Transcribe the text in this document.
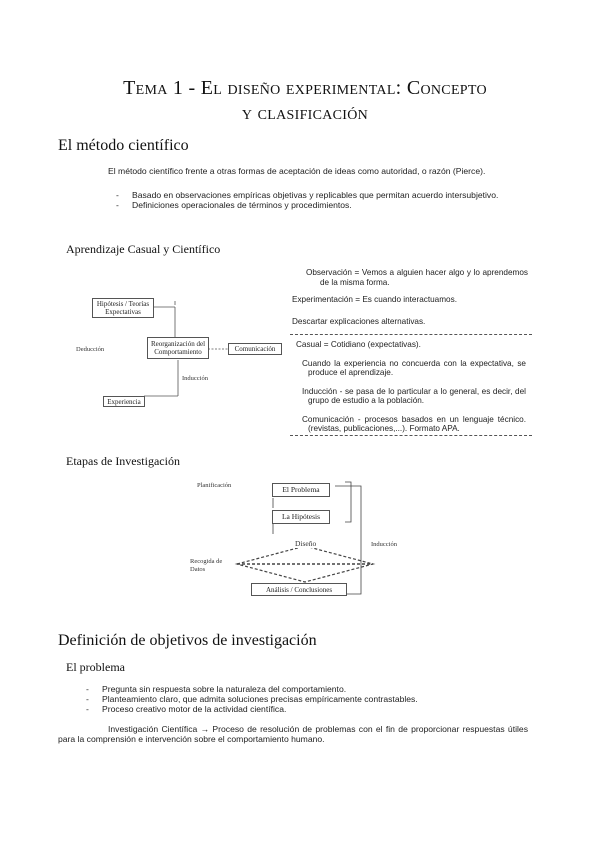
Tema 1 - El diseño experimental: Concepto
y clasificación
El método científico
El método científico frente a otras formas de aceptación de ideas como autoridad, o razón (Pierce).
- Basado en observaciones empíricas objetivas y replicables que permitan acuerdo intersubjetivo.
- Definiciones operacionales de términos y procedimientos.
Aprendizaje Casual y Científico
Hipótesis / Teorías Expectativas
Reorganización del Comportamiento	Comunicación
Experiencia
Deducción
Inducción

Observación = Vemos a alguien hacer algo y lo aprendemos de la misma forma.

Experimentación = Es cuando interactuamos.

Descartar explicaciones alternativas.

Casual = Cotidiano (expectativas).

Cuando la experiencia no concuerda con la expectativa, se produce el aprendizaje.

Inducción - se pasa de lo particular a lo general, es decir, del grupo de estudio a la población.

Comunicación - procesos basados en un lenguaje técnico. (revistas, publicaciones,...). Formato APA.

Etapas de Investigación
Planificación	El Problema
La Hipótesis
Diseño
Recogida de Datos
Análisis / Conclusiones
Inducción
Definición de objetivos de investigación
El problema
- Pregunta sin respuesta sobre la naturaleza del comportamiento.
- Planteamiento claro, que admita soluciones precisas empíricamente contrastables.
- Proceso creativo motor de la actividad científica.
Investigación Científica → Proceso de resolución de problemas con el fin de proporcionar respuestas útiles para la comprensión e intervención sobre el comportamiento humano.
